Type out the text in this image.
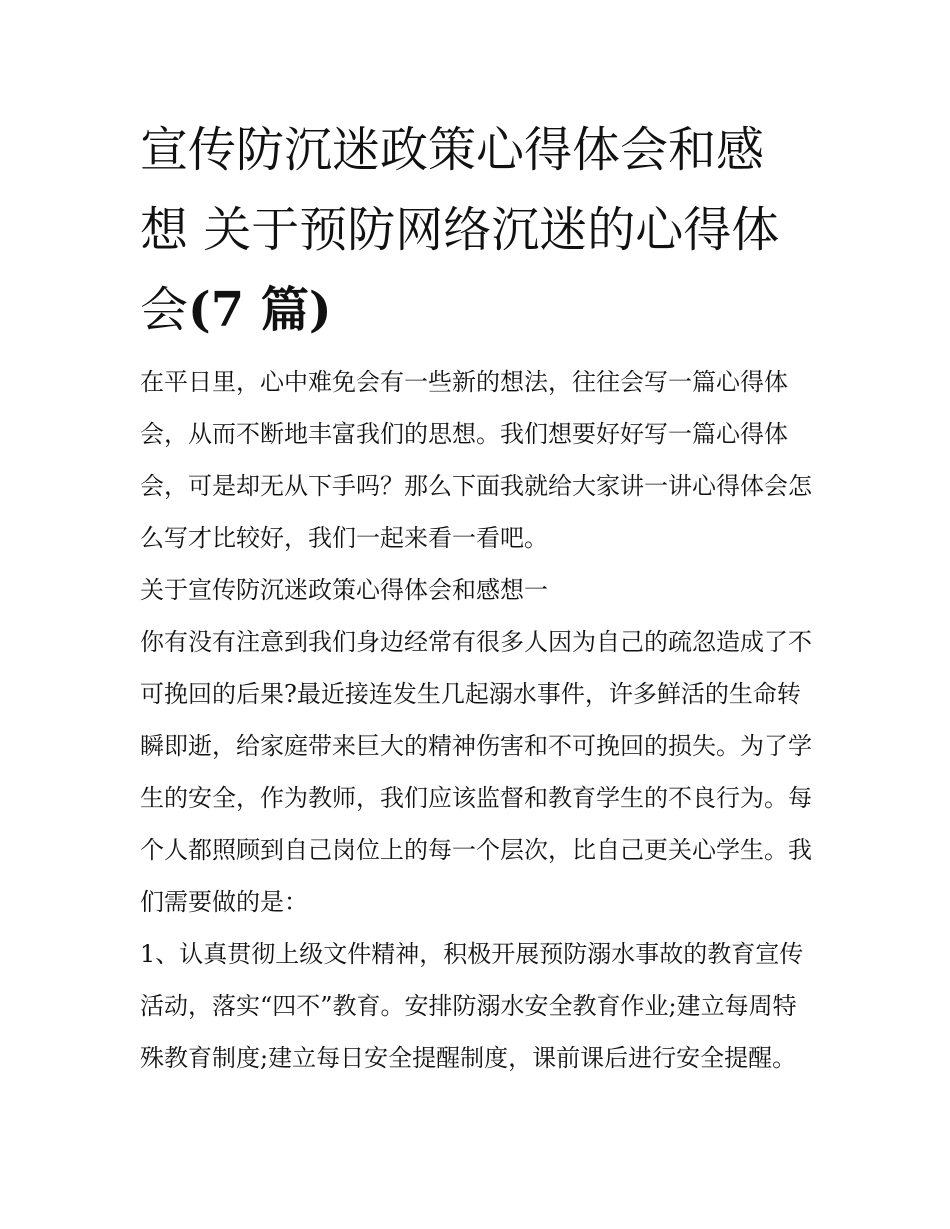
宣传防沉迷政策心得体会和感
想 关于预防网络沉迷的心得体
会(7 篇)

在平日里，心中难免会有一些新的想法，往往会写一篇心得体会，从而不断地丰富我们的思想。我们想要好好写一篇心得体会，可是却无从下手吗？那么下面我就给大家讲一讲心得体会怎么写才比较好，我们一起来看一看吧。

关于宣传防沉迷政策心得体会和感想一

你有没有注意到我们身边经常有很多人因为自己的疏忽造成了不可挽回的后果?最近接连发生几起溺水事件，许多鲜活的生命转瞬即逝，给家庭带来巨大的精神伤害和不可挽回的损失。为了学生的安全，作为教师，我们应该监督和教育学生的不良行为。每个人都照顾到自己岗位上的每一个层次，比自己更关心学生。我们需要做的是：

1、认真贯彻上级文件精神，积极开展预防溺水事故的教育宣传活动，落实“四不”教育。安排防溺水安全教育作业;建立每周特殊教育制度;建立每日安全提醒制度，课前课后进行安全提醒。
